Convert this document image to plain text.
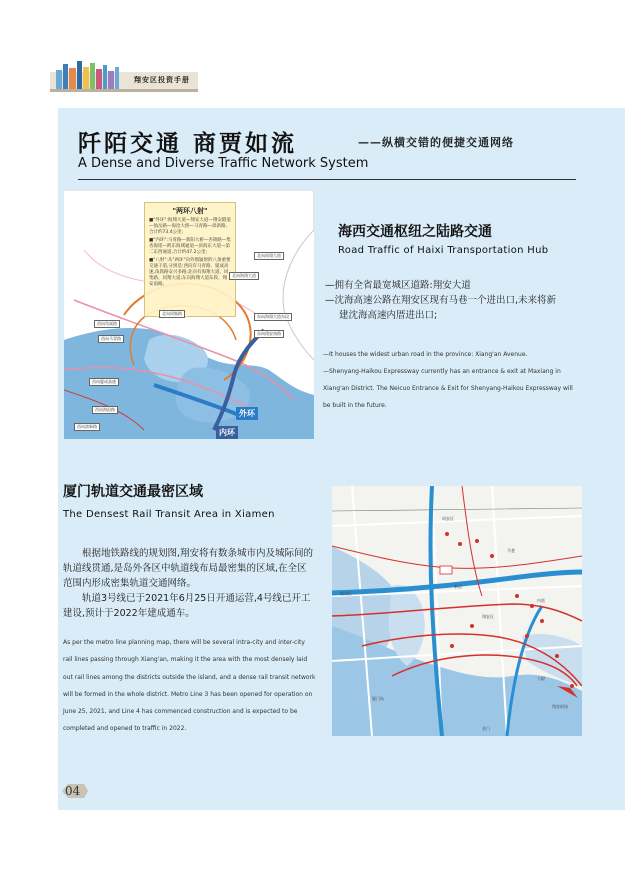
翔安区投资手册
阡陌交通 商贾如流	——纵横交错的便捷交通网络
A Dense and Diverse Traffic Network System
"两环八射"
■"外环":海翔大道—翔安大道—翔安隧道—仙岳路—海沧大桥—马青路—漳新路,合计约73.4公里;
■"内环":马青路—新阳大桥—杏锦路—集杏海堤—跨东海域通道—滨海东大道—第二东西通道,合计约47.2公里;
■"八射":从"两环"向外围辐射的八条重要交通干道,分别是:西向有马青路、厦成高速,角嵩路安兴多路;北向有海翔大道、同集路、同翔大道;东向海翔大道东段、翔安南路。
北向同翔大道
北向海翔大道
东向海翔大道东段
东向翔安南路
北向同集路
西向角嵩路
西向马青路
西向厦成高速
西向海沧路
西向漳新路
外环
内环
海西交通枢纽之陆路交通
Road Traffic of Haixi Transportation Hub

—拥有全省最宽城区道路:翔安大道

—沈海高速公路在翔安区现有马巷一个进出口,未来将新

建沈海高速内厝进出口;

—It houses the widest urban road in the province: Xiang'an Avenue.

—Shenyang-Haikou Expressway currently has an entrance & exit at Maxiang in Xiang'an District. The Neicuo Entrance & Exit for Shenyang-Haikou Expressway will be built in the future.

厦门轨道交通最密区域
The Densest Rail Transit Area in Xiamen

根据地铁路线的规划图,翔安将有数条城市内及城际间的轨道线贯通,是岛外各区中轨道线布局最密集的区域,在全区范围内形成密集轨道交通网络。

轨道3号线已于2021年6月25日开通运营,4号线已开工建设,预计于2022年建成通车。

As per the metro line planning map, there will be several intra-city and inter-city rail lines passing through Xiang'an, making it the area with the most densely laid out rail lines among the districts outside the island, and a dense rail transit network will be formed in the whole district. Metro Line 3 has been opened for operation on June 25, 2021, and Line 4 has commenced construction and is expected to be completed and opened to traffic in 2022.
集美区
同安区
翔安区
厦门岛
金门
翔安机场
马巷
新店
内厝
大嶝
04
